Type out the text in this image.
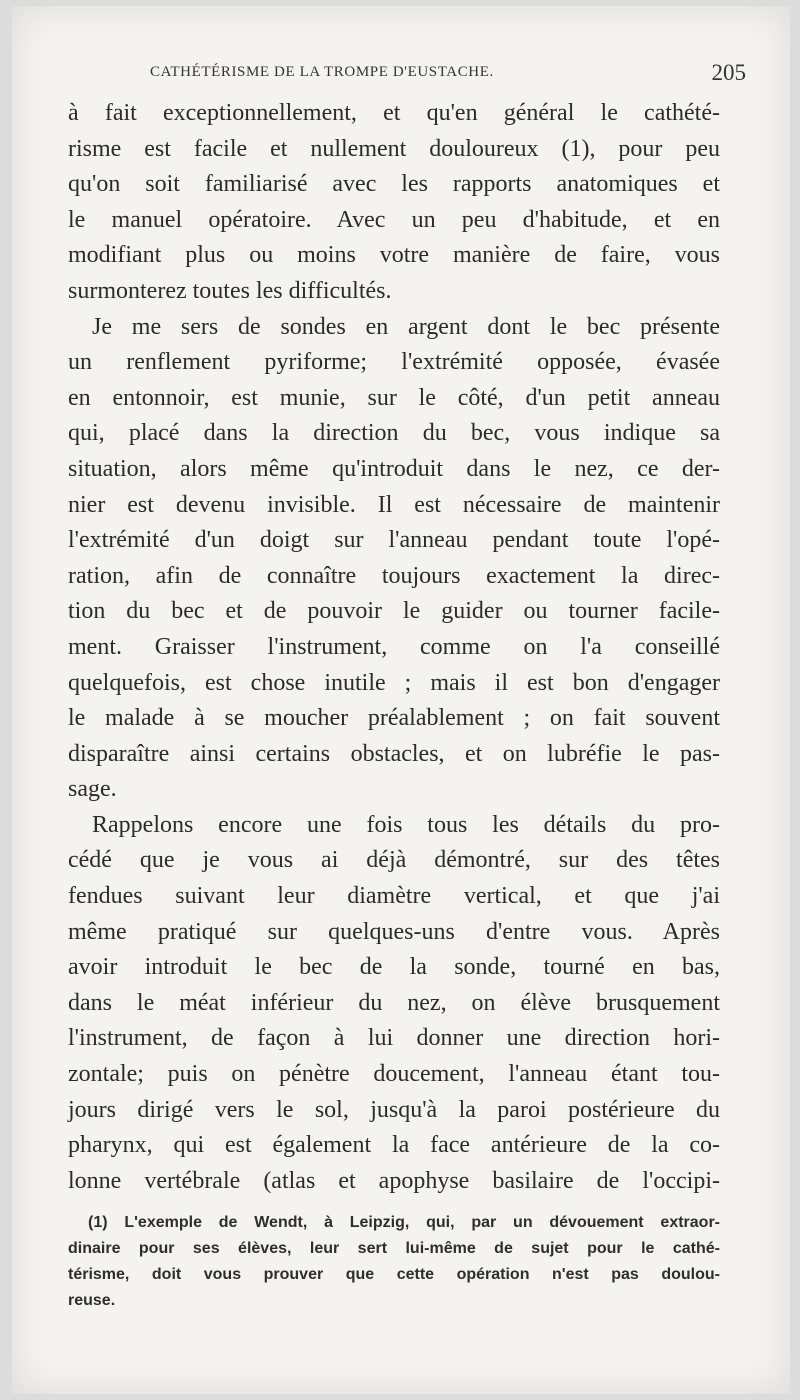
CATHÉTÉRISME DE LA TROMPE D'EUSTACHE.	205
à fait exceptionnellement, et qu'en général le cathété-
risme est facile et nullement douloureux (1), pour peu
qu'on soit familiarisé avec les rapports anatomiques et
le manuel opératoire. Avec un peu d'habitude, et en
modifiant plus ou moins votre manière de faire, vous
surmonterez toutes les difficultés.
Je me sers de sondes en argent dont le bec présente
un renflement pyriforme; l'extrémité opposée, évasée
en entonnoir, est munie, sur le côté, d'un petit anneau
qui, placé dans la direction du bec, vous indique sa
situation, alors même qu'introduit dans le nez, ce der-
nier est devenu invisible. Il est nécessaire de maintenir
l'extrémité d'un doigt sur l'anneau pendant toute l'opé-
ration, afin de connaître toujours exactement la direc-
tion du bec et de pouvoir le guider ou tourner facile-
ment. Graisser l'instrument, comme on l'a conseillé
quelquefois, est chose inutile ; mais il est bon d'engager
le malade à se moucher préalablement ; on fait souvent
disparaître ainsi certains obstacles, et on lubréfie le pas-
sage.
Rappelons encore une fois tous les détails du pro-
cédé que je vous ai déjà démontré, sur des têtes
fendues suivant leur diamètre vertical, et que j'ai
même pratiqué sur quelques-uns d'entre vous. Après
avoir introduit le bec de la sonde, tourné en bas,
dans le méat inférieur du nez, on élève brusquement
l'instrument, de façon à lui donner une direction hori-
zontale; puis on pénètre doucement, l'anneau étant tou-
jours dirigé vers le sol, jusqu'à la paroi postérieure du
pharynx, qui est également la face antérieure de la co-
lonne vertébrale (atlas et apophyse basilaire de l'occipi-
(1) L'exemple de Wendt, à Leipzig, qui, par un dévouement extraor-
dinaire pour ses élèves, leur sert lui-même de sujet pour le cathé-
térisme, doit vous prouver que cette opération n'est pas doulou-
reuse.
